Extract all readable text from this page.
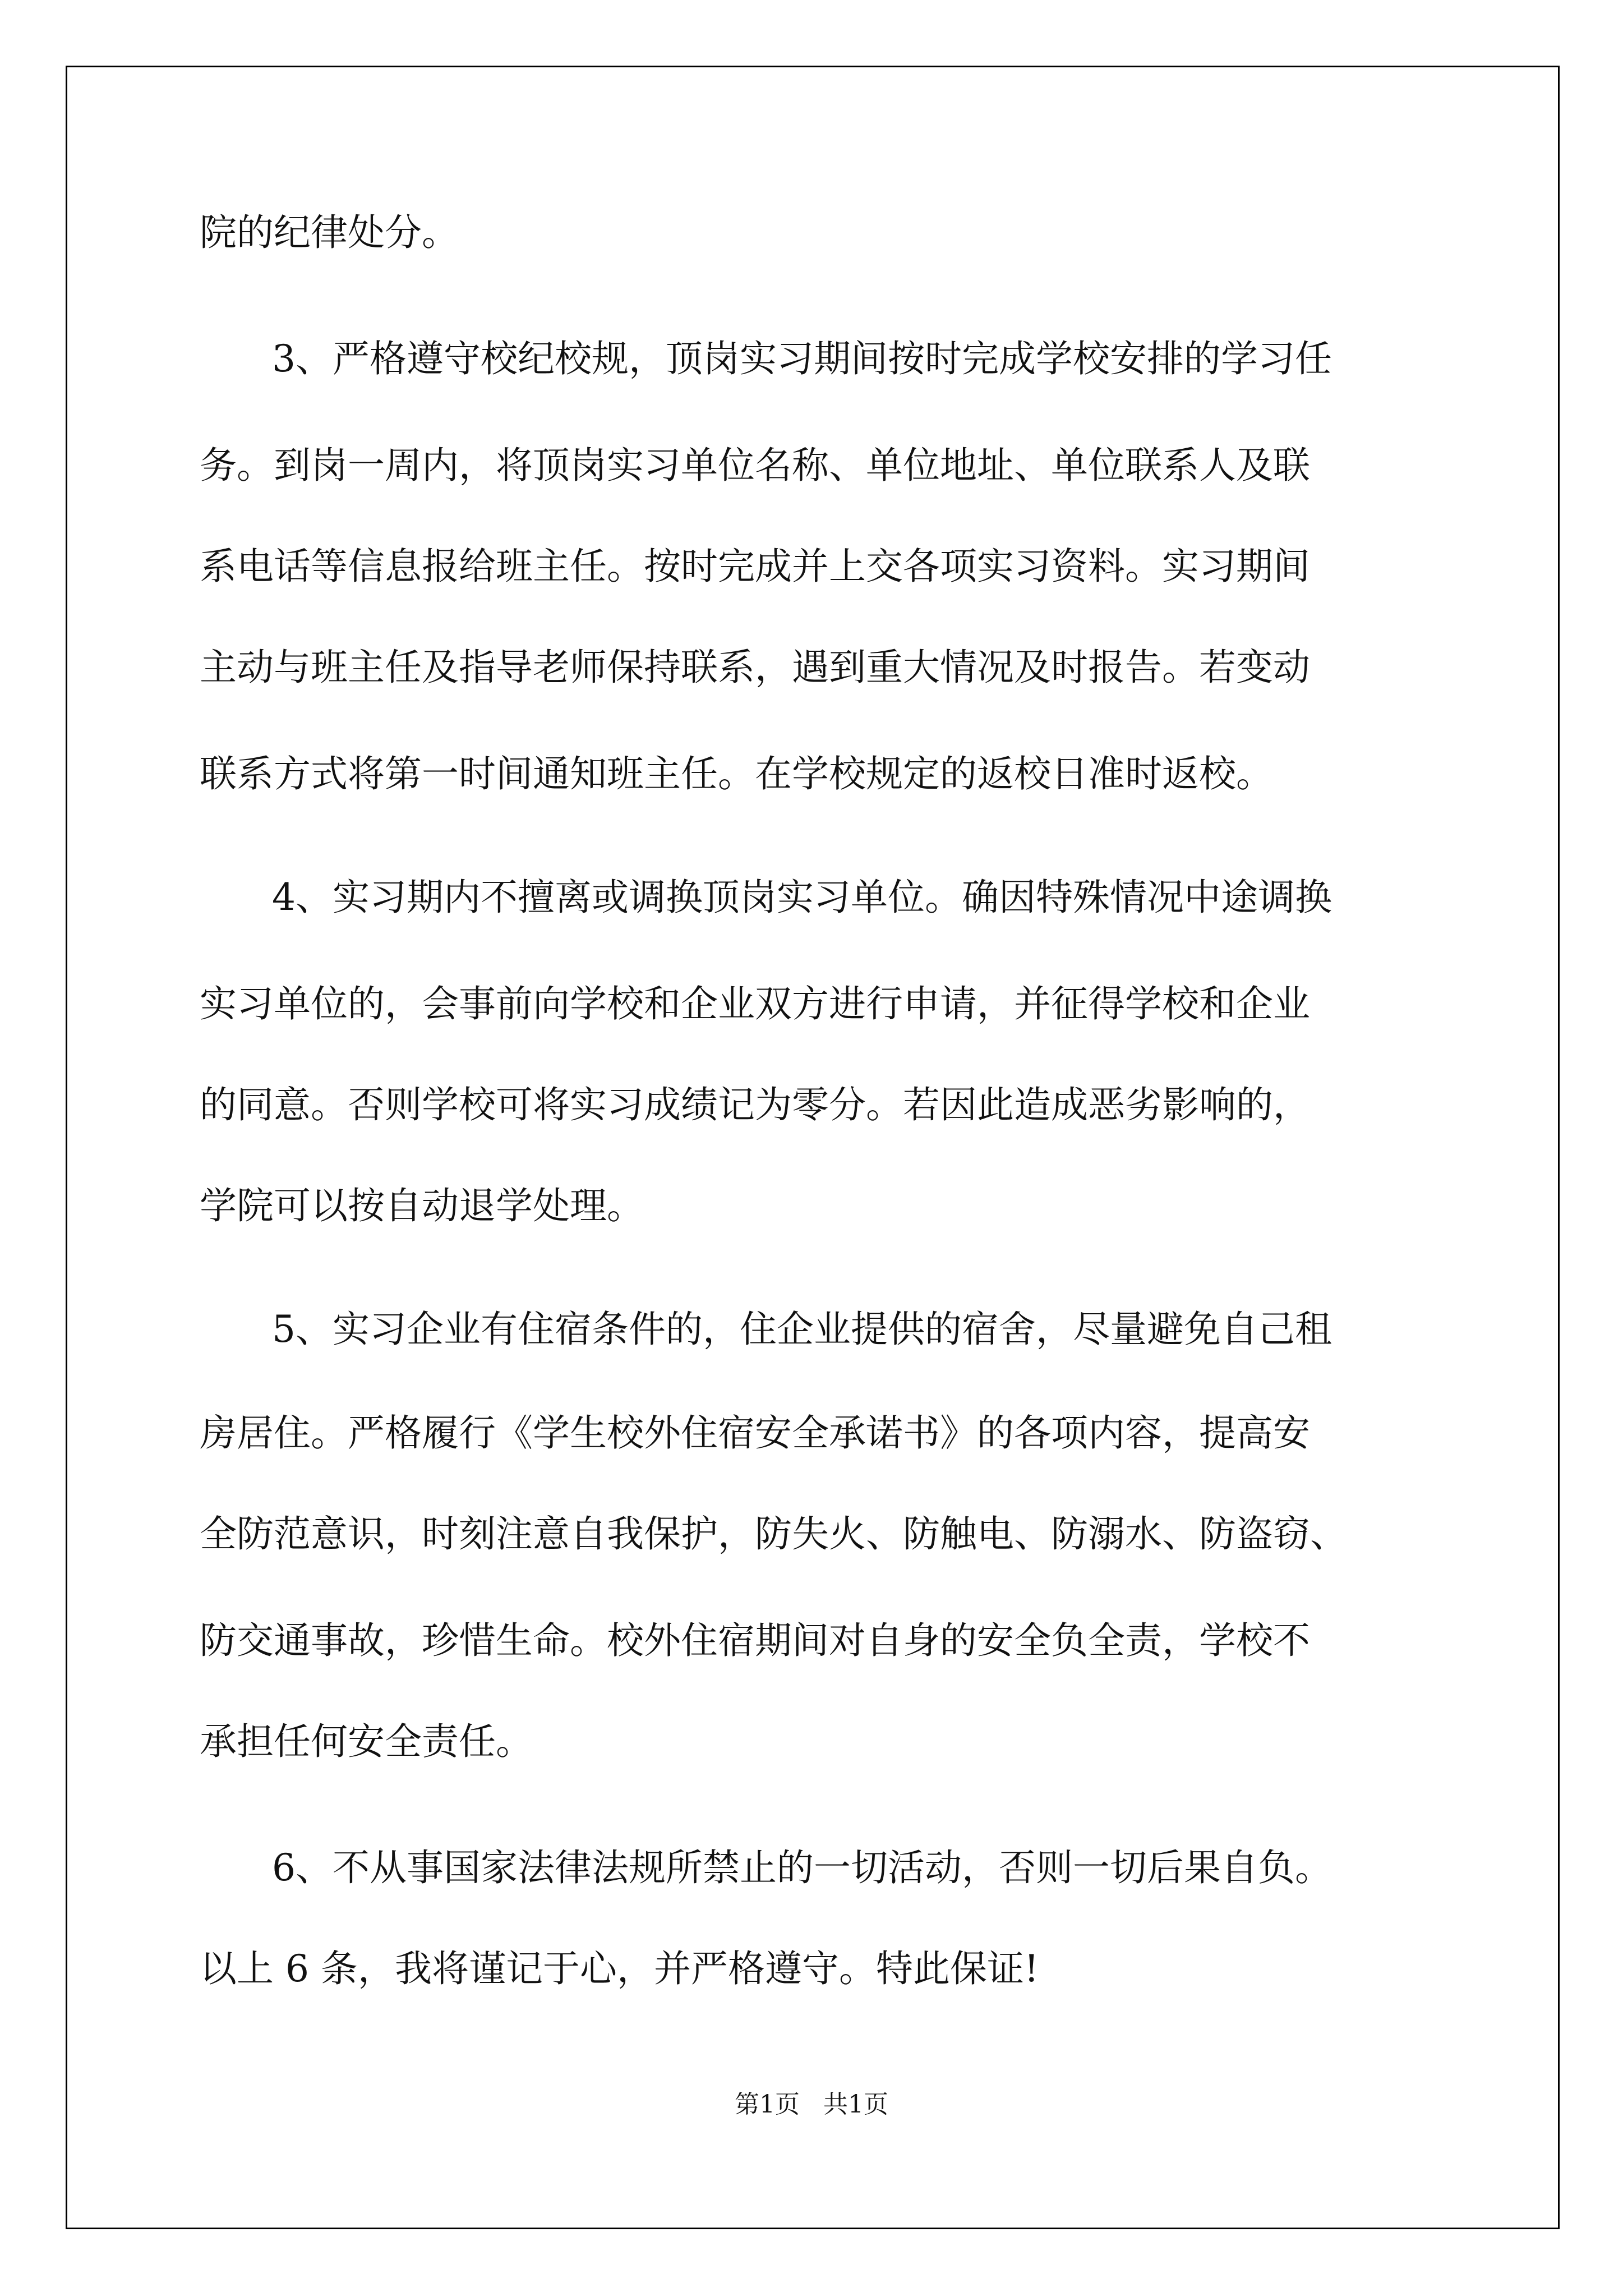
院的纪律处分。

3、严格遵守校纪校规，顶岗实习期间按时完成学校安排的学习任

务。到岗一周内，将顶岗实习单位名称、单位地址、单位联系人及联

系电话等信息报给班主任。按时完成并上交各项实习资料。实习期间

主动与班主任及指导老师保持联系，遇到重大情况及时报告。若变动

联系方式将第一时间通知班主任。在学校规定的返校日准时返校。

4、实习期内不擅离或调换顶岗实习单位。确因特殊情况中途调换

实习单位的，会事前向学校和企业双方进行申请，并征得学校和企业

的同意。否则学校可将实习成绩记为零分。若因此造成恶劣影响的，

学院可以按自动退学处理。

5、实习企业有住宿条件的，住企业提供的宿舍，尽量避免自己租

房居住。严格履行《学生校外住宿安全承诺书》的各项内容，提高安

全防范意识，时刻注意自我保护，防失火、防触电、防溺水、防盗窃、

防交通事故，珍惜生命。校外住宿期间对自身的安全负全责，学校不

承担任何安全责任。

6、不从事国家法律法规所禁止的一切活动，否则一切后果自负。

以上 6 条，我将谨记于心，并严格遵守。特此保证!

第1页   共1页
